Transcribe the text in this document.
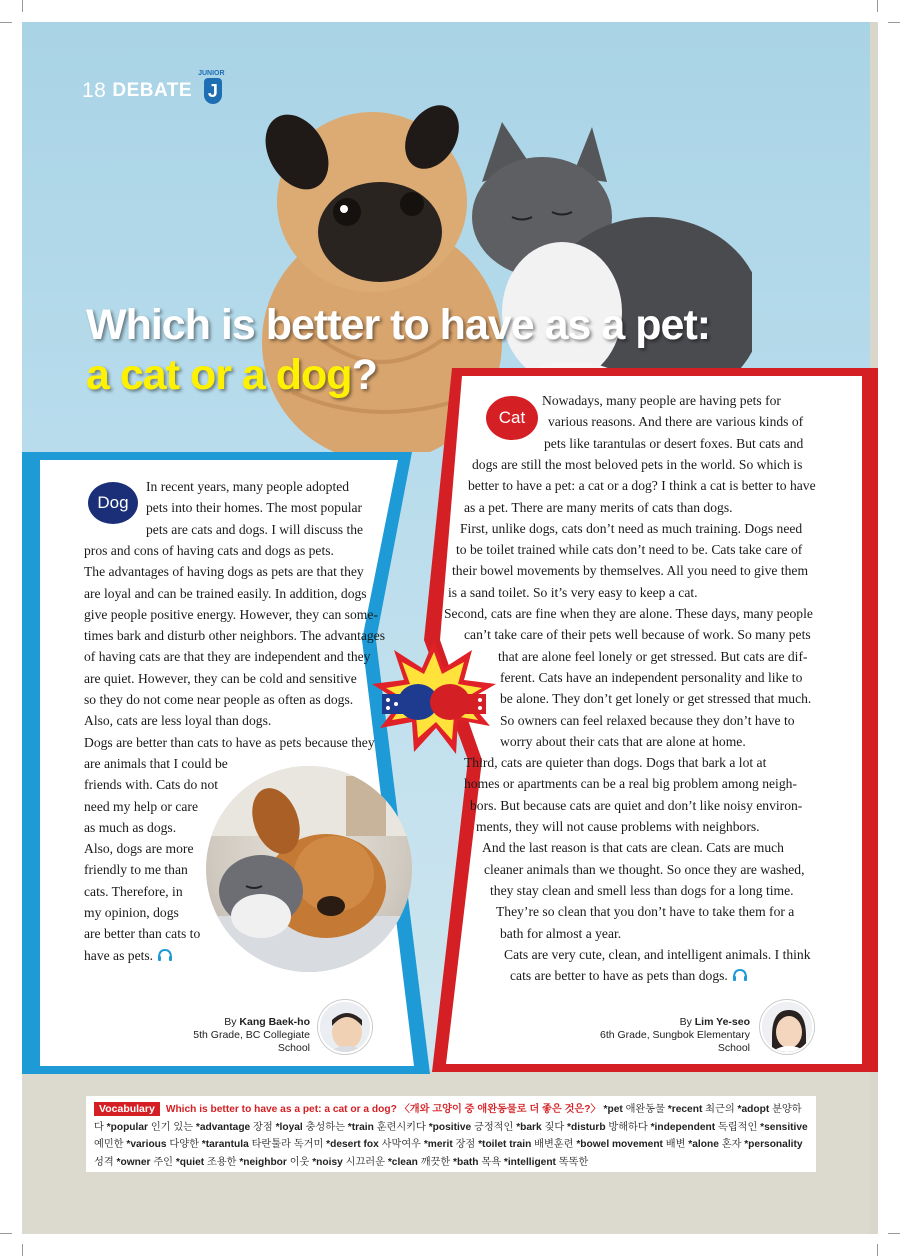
18 DEBATE
JUNIOR
J
Which is better to have as a pet:
a cat or a dog?
Dog
In recent years, many people adopted
pets into their homes. The most popular
pets are cats and dogs. I will discuss the
pros and cons of having cats and dogs as pets.
The advantages of having dogs as pets are that they
are loyal and can be trained easily. In addition, dogs
give people positive energy. However, they can some-
times bark and disturb other neighbors. The advantages
of having cats are that they are independent and they
are quiet. However, they can be cold and sensitive
so they do not come near people as often as dogs.
Also, cats are less loyal than dogs.
Dogs are better than cats to have as pets because they
are animals that I could be
friends with. Cats do not
need my help or care
as much as dogs.
Also, dogs are more
friendly to me than
cats. Therefore, in
my opinion, dogs
are better than cats to
have as pets.
By Kang Baek-ho
5th Grade, BC Collegiate School
Cat
Nowadays, many people are having pets for
various reasons. And there are various kinds of
pets like tarantulas or desert foxes. But cats and
dogs are still the most beloved pets in the world. So which is
better to have a pet: a cat or a dog? I think a cat is better to have
as a pet. There are many merits of cats than dogs.
First, unlike dogs, cats don’t need as much training. Dogs need
to be toilet trained while cats don’t need to be. Cats take care of
their bowel movements by themselves. All you need to give them
is a sand toilet. So it’s very easy to keep a cat.
Second, cats are fine when they are alone. These days, many people
can’t take care of their pets well because of work. So many pets
that are alone feel lonely or get stressed. But cats are dif-
ferent. Cats have an independent personality and like to
be alone. They don’t get lonely or get stressed that much.
So owners can feel relaxed because they don’t have to
worry about their cats that are alone at home.
Third, cats are quieter than dogs. Dogs that bark a lot at
homes or apartments can be a real big problem among neigh-
bors. But because cats are quiet and don’t like noisy environ-
ments, they will not cause problems with neighbors.
And the last reason is that cats are clean. Cats are much
cleaner animals than we thought. So once they are washed,
they stay clean and smell less than dogs for a long time.
They’re so clean that you don’t have to take them for a
bath for almost a year.
Cats are very cute, clean, and intelligent animals. I think
cats are better to have as pets than dogs.
By Lim Ye-seo
6th Grade, Sungbok Elementary School
Vocabulary Which is better to have as a pet: a cat or a dog? 〈개와 고양이 중 애완동물로 더 좋은 것은?〉 *pet 애완동물 *recent 최근의 *adopt 분양하다 *popular 인기 있는 *advantage 장점 *loyal 충성하는 *train 훈련시키다 *positive 긍정적인 *bark 짖다 *disturb 방해하다 *independent 독립적인 *sensitive 예민한 *various 다양한 *tarantula 타란툴라 독거미 *desert fox 사막여우 *merit 장점 *toilet train 배변훈련 *bowel movement 배변 *alone 혼자 *personality 성격 *owner 주인 *quiet 조용한 *neighbor 이웃 *noisy 시끄러운 *clean 깨끗한 *bath 목욕 *intelligent 똑똑한
